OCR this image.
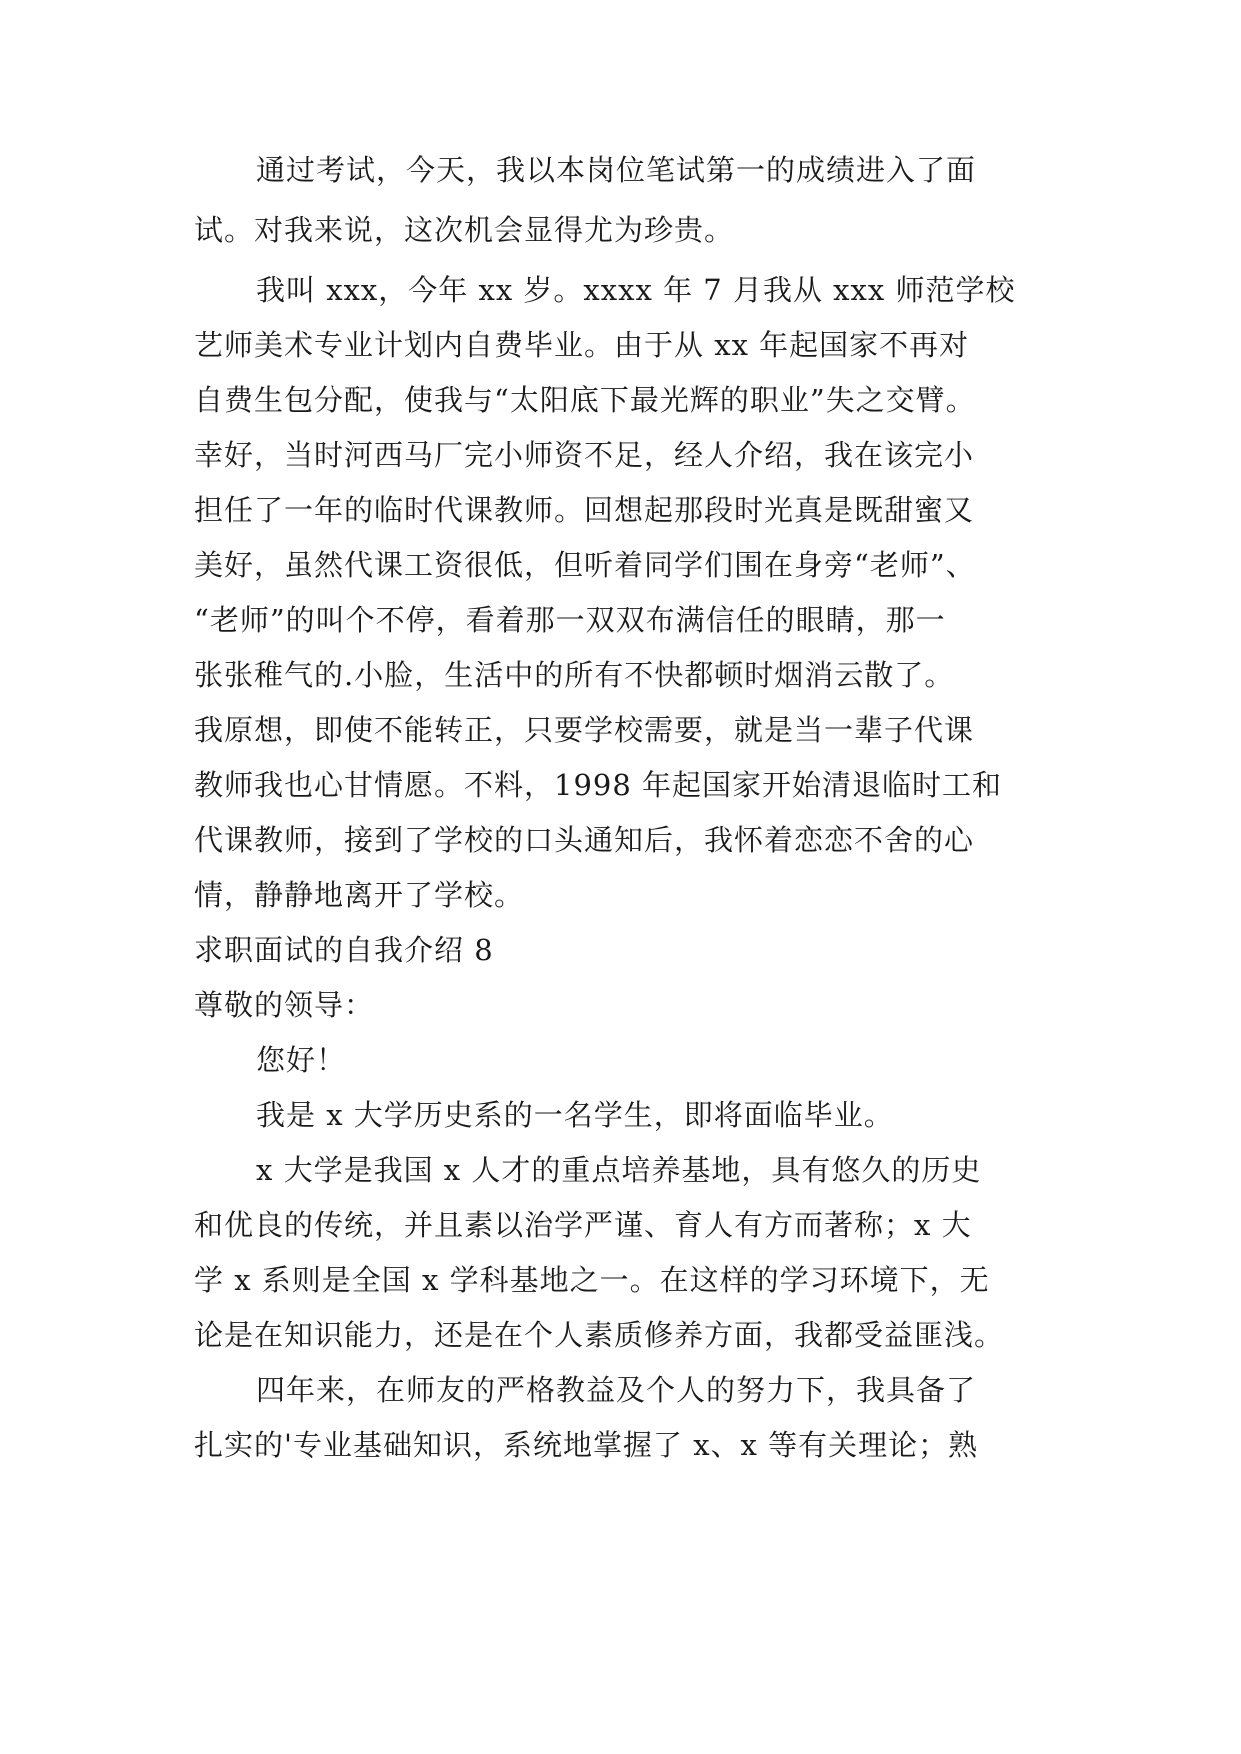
通过考试，今天，我以本岗位笔试第一的成绩进入了面
试。对我来说，这次机会显得尤为珍贵。
我叫 xxx，今年 xx 岁。xxxx 年 7 月我从 xxx 师范学校
艺师美术专业计划内自费毕业。由于从 xx 年起国家不再对
自费生包分配，使我与“太阳底下最光辉的职业”失之交臂。
幸好，当时河西马厂完小师资不足，经人介绍，我在该完小
担任了一年的临时代课教师。回想起那段时光真是既甜蜜又
美好，虽然代课工资很低，但听着同学们围在身旁“老师”、
“老师”的叫个不停，看着那一双双布满信任的眼睛，那一
张张稚气的.小脸，生活中的所有不快都顿时烟消云散了。
我原想，即使不能转正，只要学校需要，就是当一辈子代课
教师我也心甘情愿。不料，1998 年起国家开始清退临时工和
代课教师，接到了学校的口头通知后，我怀着恋恋不舍的心
情，静静地离开了学校。
求职面试的自我介绍 8
尊敬的领导：
您好！
我是 x 大学历史系的一名学生，即将面临毕业。
x 大学是我国 x 人才的重点培养基地，具有悠久的历史
和优良的传统，并且素以治学严谨、育人有方而著称；x 大
学 x 系则是全国 x 学科基地之一。在这样的学习环境下，无
论是在知识能力，还是在个人素质修养方面，我都受益匪浅。
四年来，在师友的严格教益及个人的努力下，我具备了
扎实的'专业基础知识，系统地掌握了 x、x 等有关理论；熟
